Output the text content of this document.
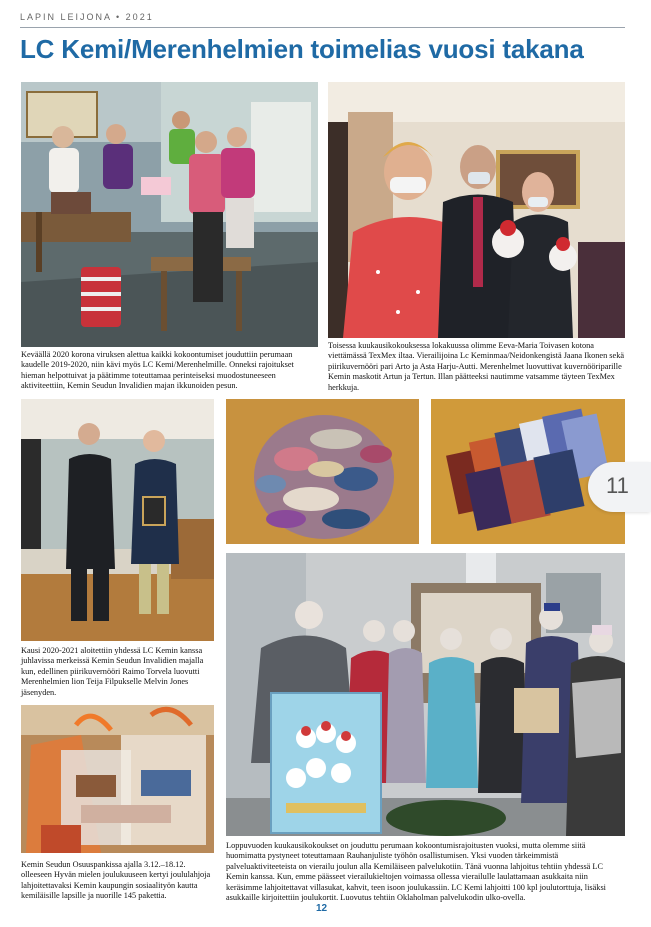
LAPIN LEIJONA • 2021
LC Kemi/Merenhelmien toimelias vuosi takana

Keväällä 2020 korona viruksen alettua kaikki kokoontumiset jouduttiin perumaan kaudelle 2019-2020, niin kävi myös LC Kemi/Merenhelmille. Onneksi rajoitukset hieman helpottuivat ja päätimme toteuttamaa perinteiseksi muodostuneeseen aktiviteettiin, Kemin Seudun Invalidien majan ikkunoiden pesun.

Toisessa kuukausikokouksessa lokakuussa olimme Eeva-Maria Toivasen kotona viettämässä TexMex iltaa. Vierailijoina Lc Keminmaa/Neidonkengistä Jaana Ikonen sekä piirikuvernööri pari Arto ja Asta Harju-Autti. Merenhelmet luovuttivat kuvernööriparille Kemin maskotit Artun ja Tertun. Illan päätteeksi nautimme vatsamme täyteen TexMex herkkuja.

Kausi 2020-2021 aloitettiin yhdessä LC Kemin kanssa juhlavissa merkeissä Kemin Seudun Invalidien majalla kun, edellinen piirikuvernööri Raimo Torvela luovutti Merenhelmien lion Teija Filpukselle Melvin Jones jäsenyden.

Kemin Seudun Osuuspankissa ajalla 3.12.–18.12. olleeseen Hyvän mielen joulukuuseen kertyi joululahjoja lahjoitettavaksi Kemin kaupungin sosiaalityön kautta kemiläisille lapsille ja nuorille 145 pakettia.

Loppuvuoden kuukausikokoukset on jouduttu perumaan kokoontumisrajoitusten vuoksi, mutta olemme siitä huomimatta pystyneet toteuttamaan Rauhanjuliste työhön osallistumisen. Yksi vuoden tärkeimmistä palveluaktiviteeteista on vierailu joulun alla Kemiläiseen palvelukotiin. Tänä vuonna lahjoitus tehtiin yhdessä LC Kemin kanssa. Kun, emme päässeet vierailukieltojen voimassa ollessa vierailulle laulattamaan asukkaita niin keräsimme lahjoitettavat villasukat, kahvit, teen isoon joulukassiin. LC Kemi lahjoitti 100 kpl joulutorttuja, lisäksi asukkaille kirjoitettiin joulukortit. Luovutus tehtiin Oklaholman palvelukodin ulko-ovella.

11
12
